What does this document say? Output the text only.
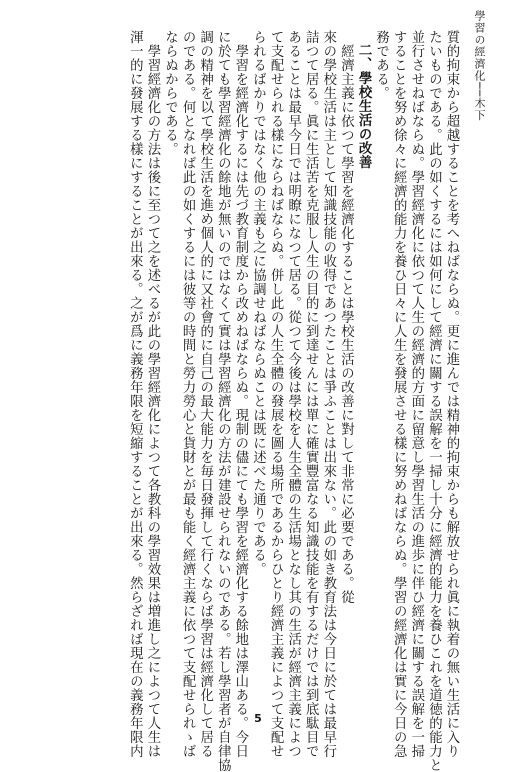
學習の經濟化──木下
質的拘束から超越することを考へねばならぬ。更に進んでは精神的拘束からも解放せられ眞に執着の無い生活に入り
たいものである。此の如くするには如何にして經濟に關する誤解を一掃し十分に經濟的能力を養ひこれを道徳的能力と
並行させねばならぬ。學習經濟化に依つて人生の經濟的方面に留意し學習生活の進歩に伴ひ經濟に關する誤解を一掃
することを努め徐々に經濟的能力を養ひ日々に人生を發展させる樣に努めねばならぬ。學習の經濟化は實に今日の急
務である。
二、學校生活の改善
經濟主義に依つて學習を經濟化することは學校生活の改善に對して非常に必要である。從
來の學校生活は主として知識技能の收得であつたことは爭ふことは出來ない。此の如き教育法は今日に於ては最早行
詰つて居る。眞に生活苦を克服し人生の目的に到達せんには單に確實豐富なる知識技能を有するだけでは到底駄目で
あることは最早今日では明瞭になつて居る。從つて今後は學校を人生全體の生活場となし其の生活が經濟主義によつ
て支配せられる樣にならねばならぬ。併し此の人生全體の發展を圖る場所であるからひとり經濟主義によつて支配せ
られるばかりではなく他の主義も之に協調せねばならぬことは既に述べた通りである。
學習を經濟化するには先づ教育制度から改めねばならぬ。現制の儘にても學習を經濟化する餘地は澤山ある。今日
に於ても學習經濟化の餘地が無いのではなくて實は學習經濟化の方法が建設せられないのである。若し學習者が自律協
調の精神を以て學校生活を進め個人的に又社會的に自己の最大能力を毎日發揮して行くならば學習は經濟化して居る
のである。何となれば此の如くするには彼等の時間と勞力勞心と貨財とが最も能く經濟主義に依つて支配せられゝば
ならぬからである。
學習經濟化の方法は後に至つて之を述べるが此の學習經濟化によつて各教科の學習效果は増進し之によつて人生は
渾一的に發展する樣にすることが出來る。之が爲に義務年限を短縮することが出來る。然らざれば現在の義務年限内	5
